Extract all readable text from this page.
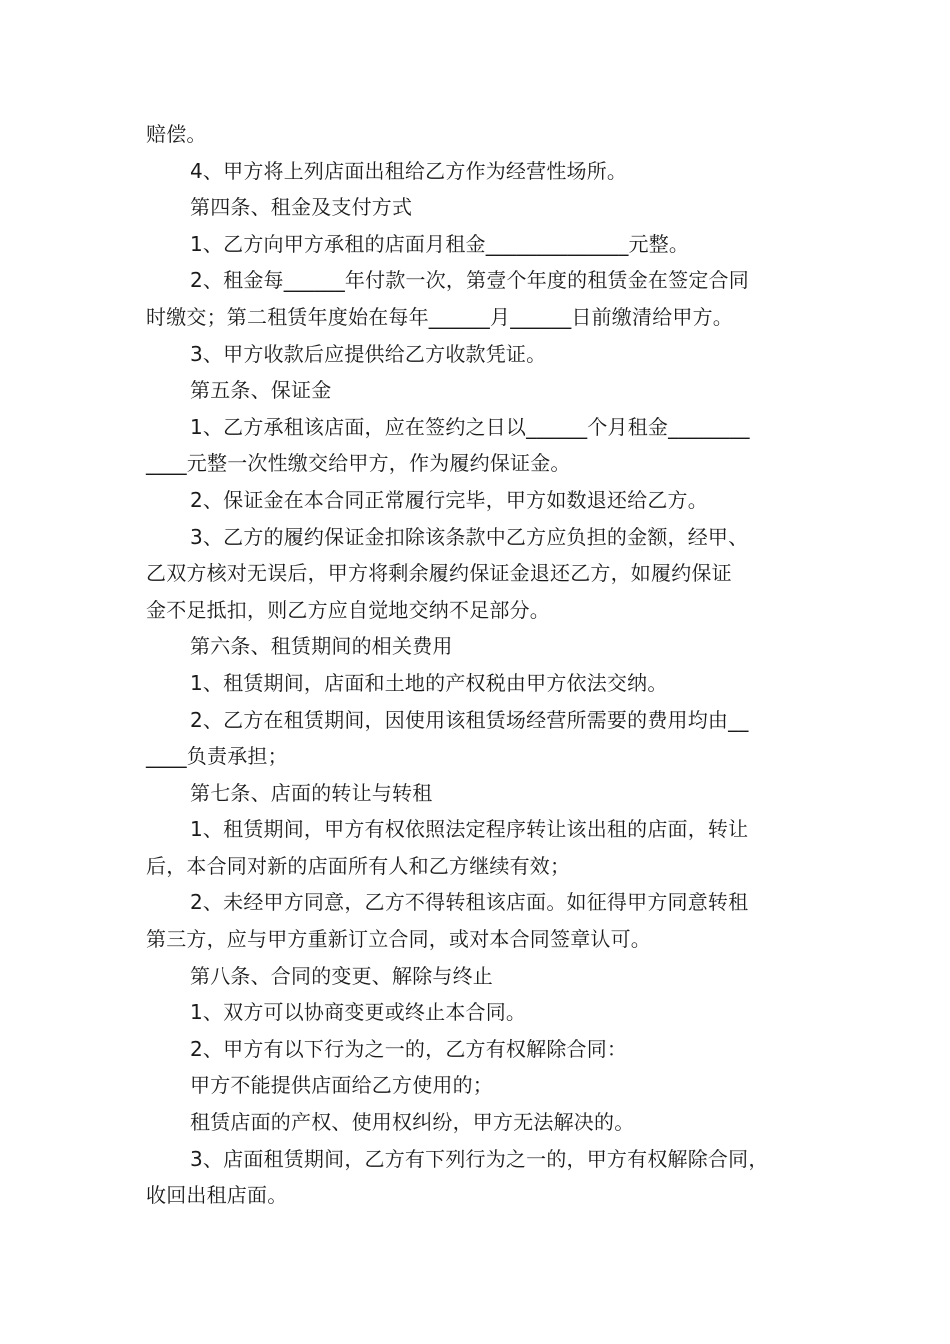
赔偿。
4、甲方将上列店面出租给乙方作为经营性场所。
第四条、租金及支付方式
1、乙方向甲方承租的店面月租金______________元整。
2、租金每______年付款一次，第壹个年度的租赁金在签定合同
时缴交；第二租赁年度始在每年______月______日前缴清给甲方。
3、甲方收款后应提供给乙方收款凭证。
第五条、保证金
1、乙方承租该店面，应在签约之日以______个月租金________
____元整一次性缴交给甲方，作为履约保证金。
2、保证金在本合同正常履行完毕，甲方如数退还给乙方。
3、乙方的履约保证金扣除该条款中乙方应负担的金额，经甲、
乙双方核对无误后，甲方将剩余履约保证金退还乙方，如履约保证
金不足抵扣，则乙方应自觉地交纳不足部分。
第六条、租赁期间的相关费用
1、租赁期间，店面和土地的产权税由甲方依法交纳。
2、乙方在租赁期间，因使用该租赁场经营所需要的费用均由__
____负责承担；
第七条、店面的转让与转租
1、租赁期间，甲方有权依照法定程序转让该出租的店面，转让
后，本合同对新的店面所有人和乙方继续有效；
2、未经甲方同意，乙方不得转租该店面。如征得甲方同意转租
第三方，应与甲方重新订立合同，或对本合同签章认可。
第八条、合同的变更、解除与终止
1、双方可以协商变更或终止本合同。
2、甲方有以下行为之一的，乙方有权解除合同：
甲方不能提供店面给乙方使用的；
租赁店面的产权、使用权纠纷，甲方无法解决的。
3、店面租赁期间，乙方有下列行为之一的，甲方有权解除合同，
收回出租店面。
